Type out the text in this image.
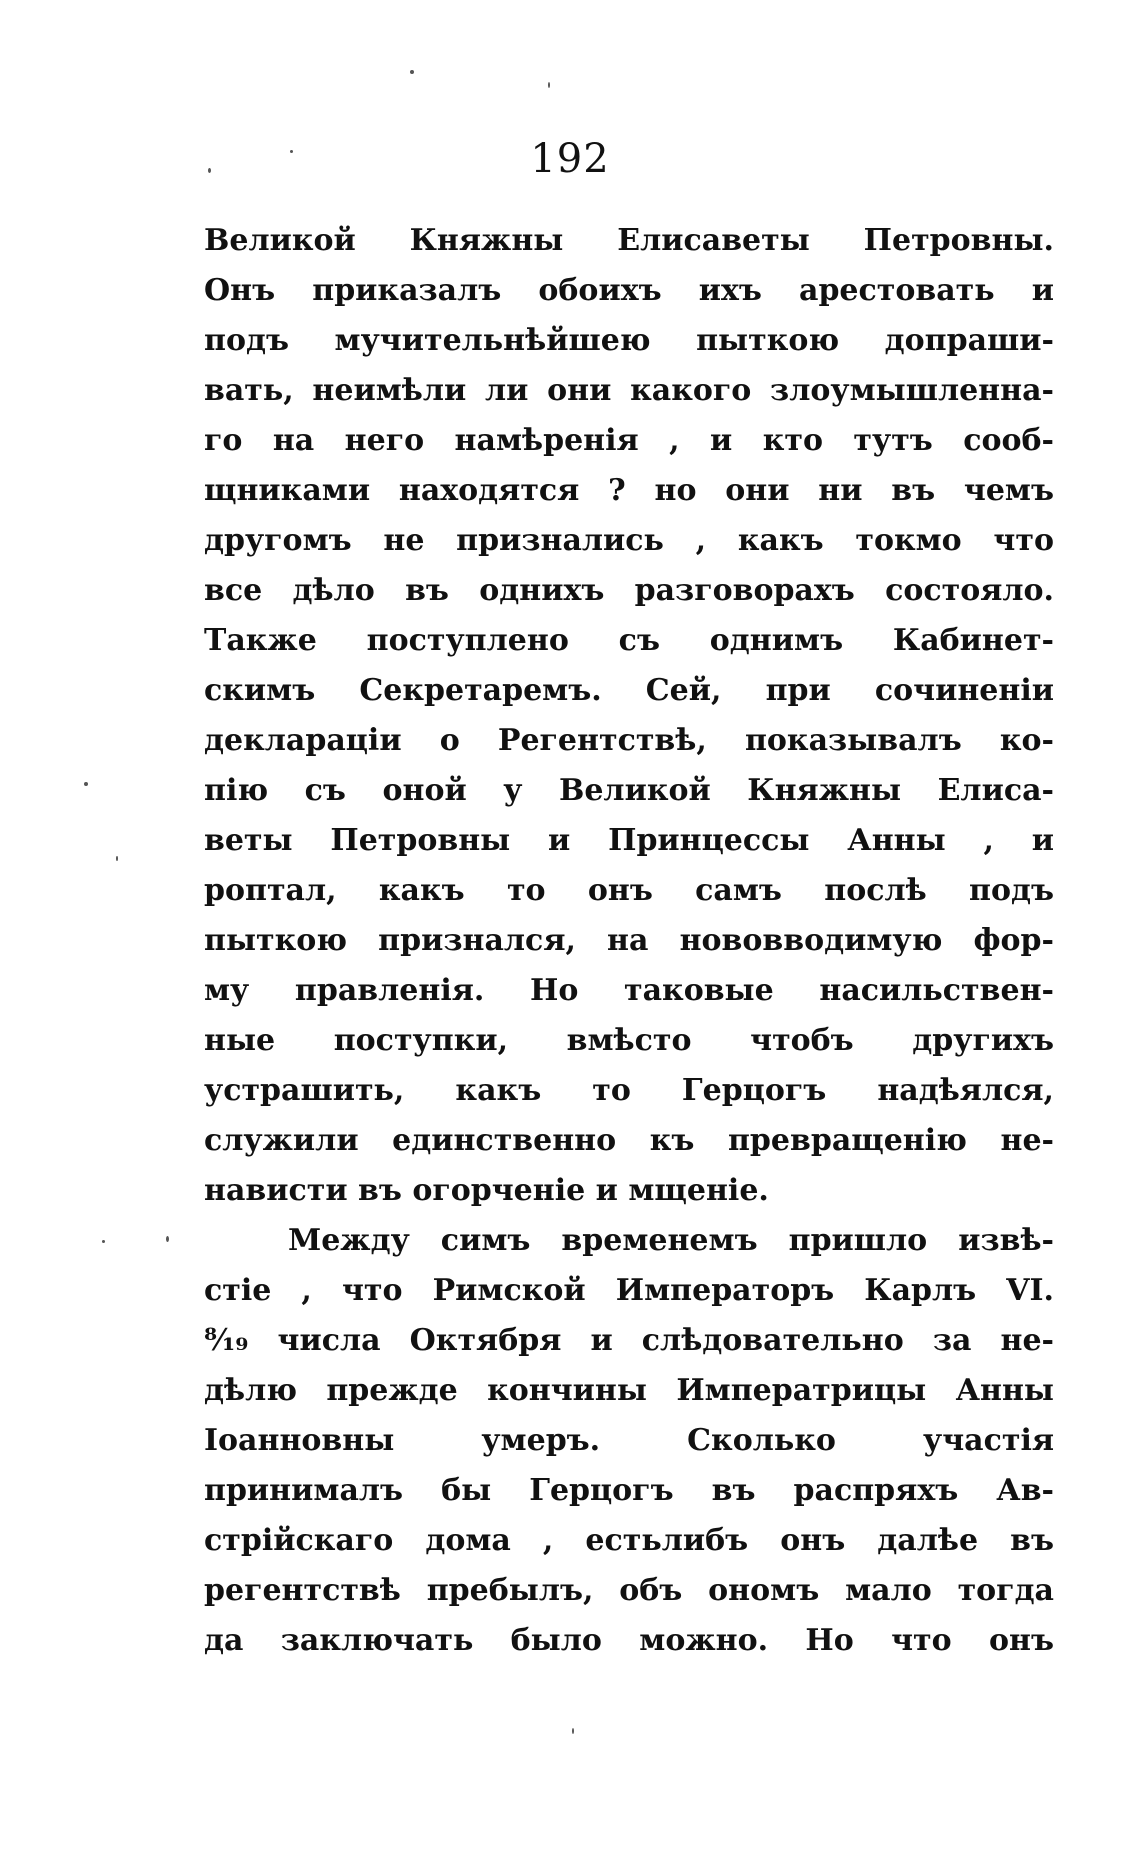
192
Великой Княжны Елисаветы Петровны.
Онъ приказалъ обоихъ ихъ арестовать и
подъ мучительнѣйшею пыткою допраши-
вать, неимѣли ли они какого злоумышленна-
го на него намѣренія , и кто тутъ сооб-
щниками находятся ? но они ни въ чемъ
другомъ не признались , какъ токмо что
все дѣло въ однихъ разговорахъ состояло.
Также поступлено съ однимъ Кабинет-
скимъ Секретаремъ. Сей, при сочиненіи
декларацiи о Регентствѣ, показывалъ ко-
пію съ оной у Великой Княжны Елиса-
веты Петровны и Принцессы Анны , и
роптал, какъ то онъ самъ послѣ подъ
пыткою признался, на нововводимую фор-
му правленія. Но таковые насильствен-
ные поступки, вмѣсто чтобъ другихъ
устрашить, какъ то Герцогъ надѣялся,
служили единственно къ превращенію не-
нависти въ огорченіе и мщеніе.
Между симъ временемъ пришло извѣ-
стіе , что Римской Императоръ Карлъ VI.
⁸⁄₁₉ числа Октября и слѣдовательно за не-
дѣлю прежде кончины Императрицы Анны
Іоанновны умеръ. Сколько участія
принималъ бы Герцогъ въ распряхъ Ав-
стрійскаго дома , естьлибъ онъ далѣе въ
регентствѣ пребылъ, объ ономъ мало тогда
да заключать было можно. Но что онъ
